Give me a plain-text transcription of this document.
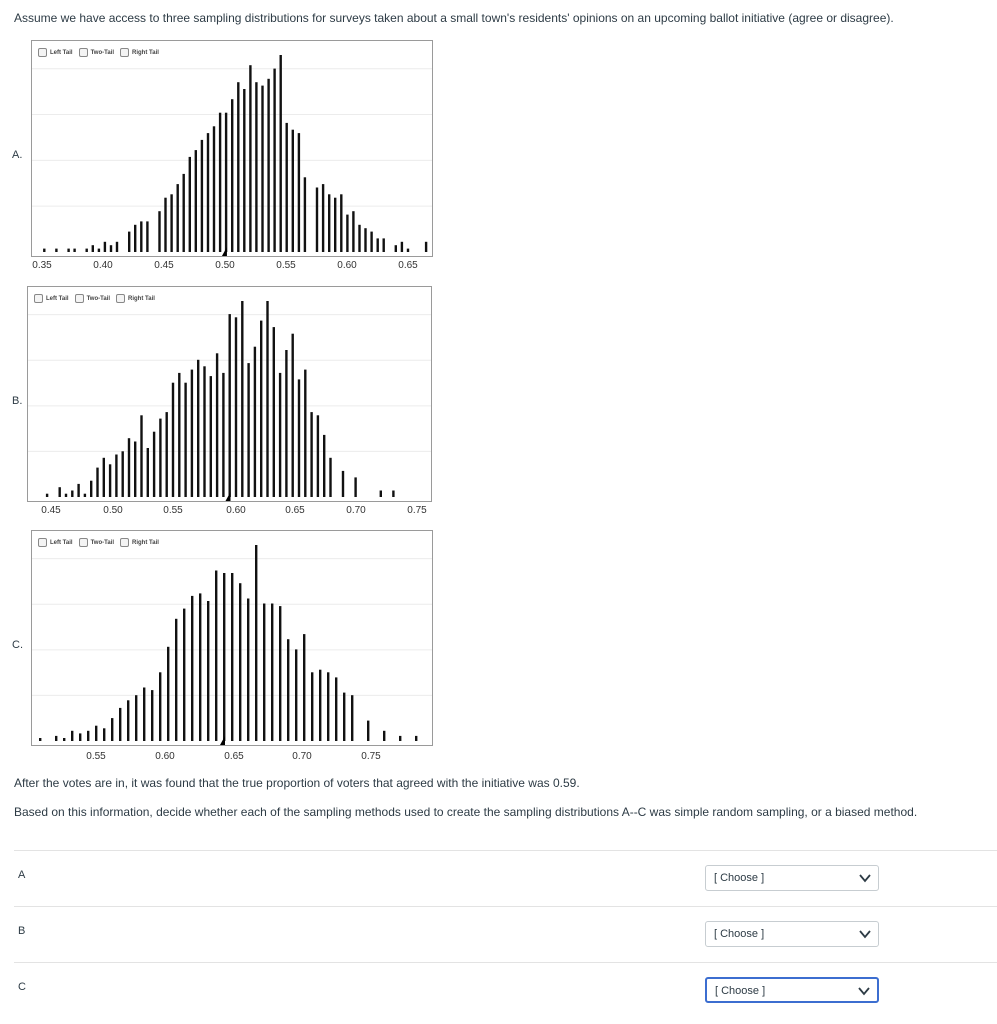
Assume we have access to three sampling distributions for surveys taken about a small town's residents' opinions on an upcoming ballot initiative (agree or disagree).
A.
Left Tail	Two-Tail	Right Tail
0.35	0.40	0.45	0.50	0.55	0.60	0.65
B.
Left Tail	Two-Tail	Right Tail
0.45	0.50	0.55	0.60	0.65	0.70	0.75
C.
Left Tail	Two-Tail	Right Tail
0.55	0.60	0.65	0.70	0.75
After the votes are in, it was found that the true proportion of voters that agreed with the initiative was 0.59.
Based on this information, decide whether each of the sampling methods used to create the sampling distributions A--C was simple random sampling, or a biased method.
A	[ Choose ]
B	[ Choose ]
C	[ Choose ]
